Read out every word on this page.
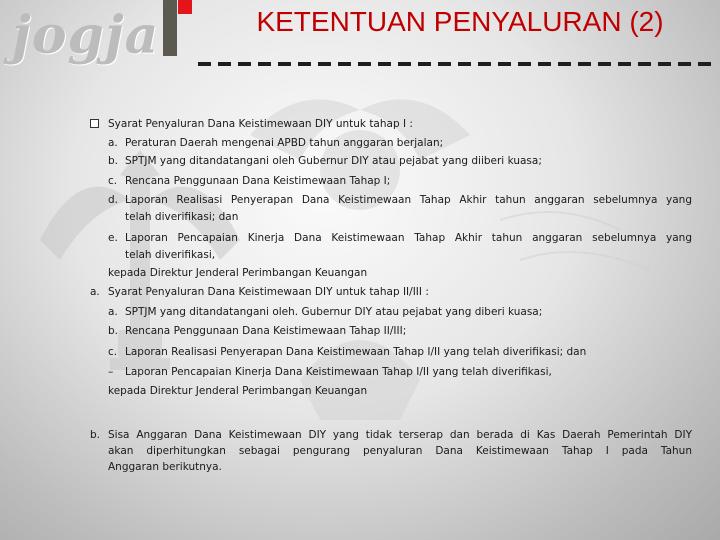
jogja	KETENTUAN PENYALURAN (2)
Syarat Penyaluran Dana Keistimewaan DIY untuk tahap I :
a. Peraturan Daerah mengenai APBD tahun anggaran berjalan;
b. SPTJM yang ditandatangani oleh Gubernur DIY atau pejabat yang diiberi kuasa;
c. Rencana Penggunaan Dana Keistimewaan Tahap I;
d. Laporan Realisasi Penyerapan Dana Keistimewaan Tahap Akhir tahun anggaran sebelumnya yang
telah diverifikasi; dan
e. Laporan Pencapaian Kinerja Dana Keistimewaan Tahap Akhir tahun anggaran sebelumnya yang
telah diverifikasi,
kepada Direktur Jenderal Perimbangan Keuangan
a. Syarat Penyaluran Dana Keistimewaan DIY untuk tahap II/III :
a. SPTJM yang ditandatangani oleh. Gubernur DIY atau pejabat yang diberi kuasa;
b. Rencana Penggunaan Dana Keistimewaan Tahap II/III;
c. Laporan Realisasi Penyerapan Dana Keistimewaan Tahap I/II yang telah diverifikasi; dan
– Laporan Pencapaian Kinerja Dana Keistimewaan Tahap I/II yang telah diverifikasi,
kepada Direktur Jenderal Perimbangan Keuangan
b. Sisa Anggaran Dana Keistimewaan DIY yang tidak terserap dan berada di Kas Daerah Pemerintah DIY
akan diperhitungkan sebagai pengurang penyaluran Dana Keistimewaan Tahap I pada Tahun
Anggaran berikutnya.
